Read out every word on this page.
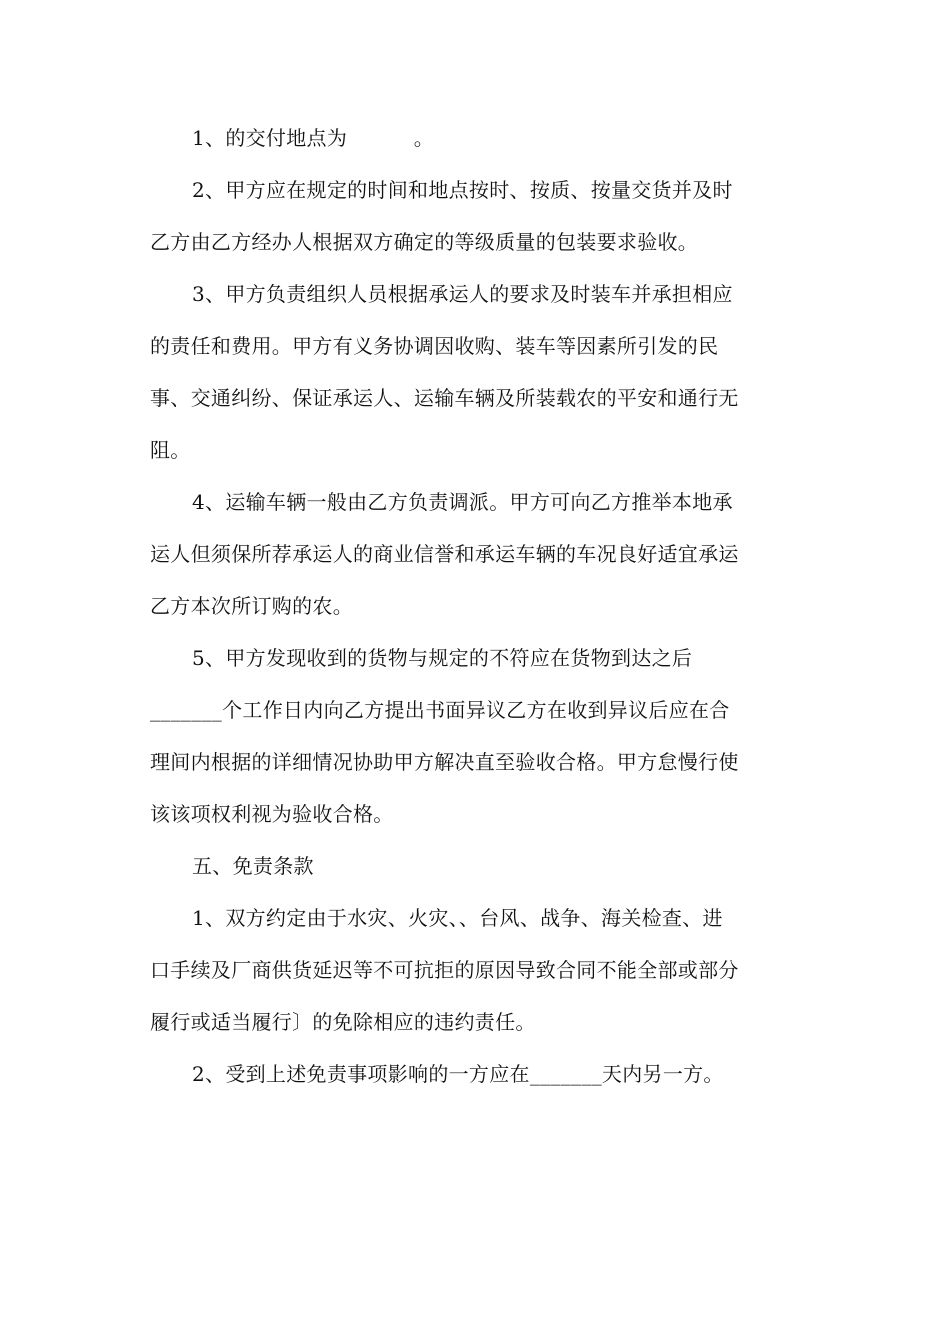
1、的交付地点为          。
2、甲方应在规定的时间和地点按时、按质、按量交货并及时
乙方由乙方经办人根据双方确定的等级质量的包装要求验收。
3、甲方负责组织人员根据承运人的要求及时装车并承担相应
的责任和费用。甲方有义务协调因收购、装车等因素所引发的民
事、交通纠纷、保证承运人、运输车辆及所装载农的平安和通行无
阻。
4、运输车辆一般由乙方负责调派。甲方可向乙方推举本地承
运人但须保所荐承运人的商业信誉和承运车辆的车况良好适宜承运
乙方本次所订购的农。
5、甲方发现收到的货物与规定的不符应在货物到达之后
_______个工作日内向乙方提出书面异议乙方在收到异议后应在合
理间内根据的详细情况协助甲方解决直至验收合格。甲方怠慢行使
该该项权利视为验收合格。
五、免责条款
1、双方约定由于水灾、火灾、、台风、战争、海关检查、进
口手续及厂商供货延迟等不可抗拒的原因导致合同不能全部或部分
履行或适当履行〕的免除相应的违约责任。
2、受到上述免责事项影响的一方应在_______天内另一方。
